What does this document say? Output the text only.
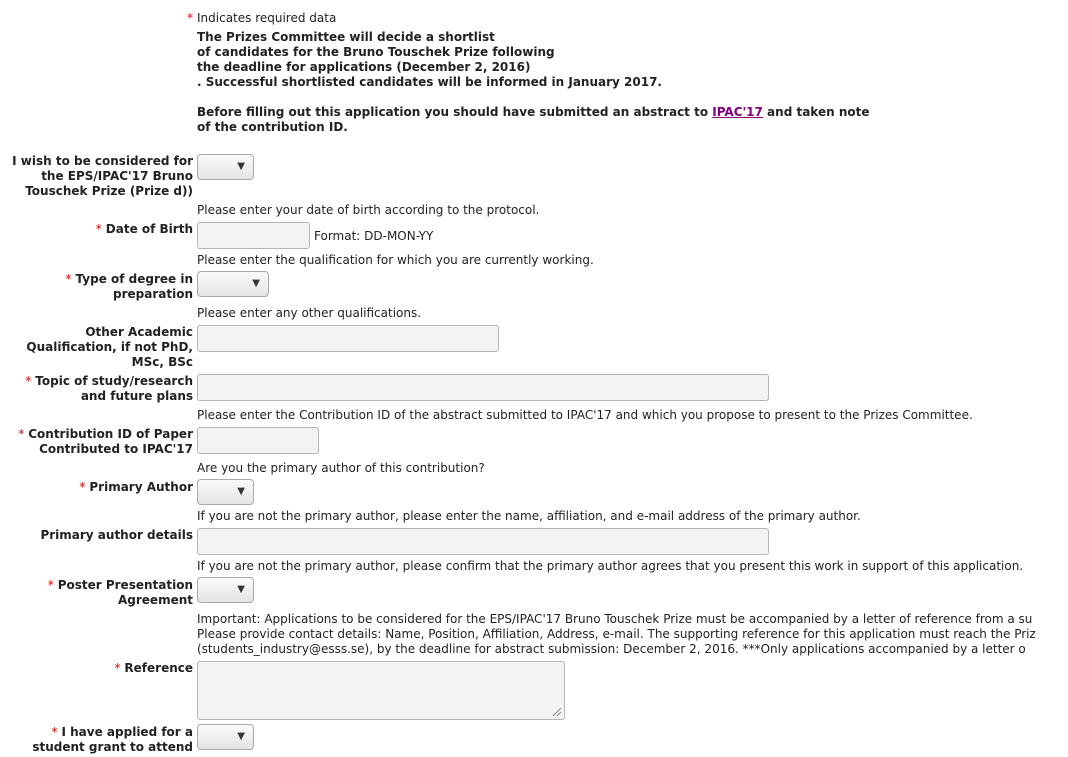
* Indicates required data
The Prizes Committee will decide a shortlist
of candidates for the Bruno Touschek Prize following
the deadline for applications (December 2, 2016)
. Successful shortlisted candidates will be informed in January 2017.
Before filling out this application you should have submitted an abstract to IPAC'17 and taken note
of the contribution ID.
I wish to be considered for
the EPS/IPAC'17 Bruno
Touschek Prize (Prize d))
▼
Please enter your date of birth according to the protocol.
* Date of Birth	Format: DD-MON-YY
Please enter the qualification for which you are currently working.
* Type of degree in
preparation
▼
Please enter any other qualifications.
Other Academic
Qualification, if not PhD,
MSc, BSc
* Topic of study/research
and future plans
Please enter the Contribution ID of the abstract submitted to IPAC'17 and which you propose to present to the Prizes Committee.
* Contribution ID of Paper
Contributed to IPAC'17
Are you the primary author of this contribution?
* Primary Author	▼
If you are not the primary author, please enter the name, affiliation, and e-mail address of the primary author.
Primary author details
If you are not the primary author, please confirm that the primary author agrees that you present this work in support of this application.
* Poster Presentation
Agreement
▼
Important: Applications to be considered for the EPS/IPAC'17 Bruno Touschek Prize must be accompanied by a letter of reference from a su
Please provide contact details: Name, Position, Affiliation, Address, e-mail. The supporting reference for this application must reach the Priz
(students_industry@esss.se), by the deadline for abstract submission: December 2, 2016. ***Only applications accompanied by a letter o
* Reference
* I have applied for a
student grant to attend
▼
